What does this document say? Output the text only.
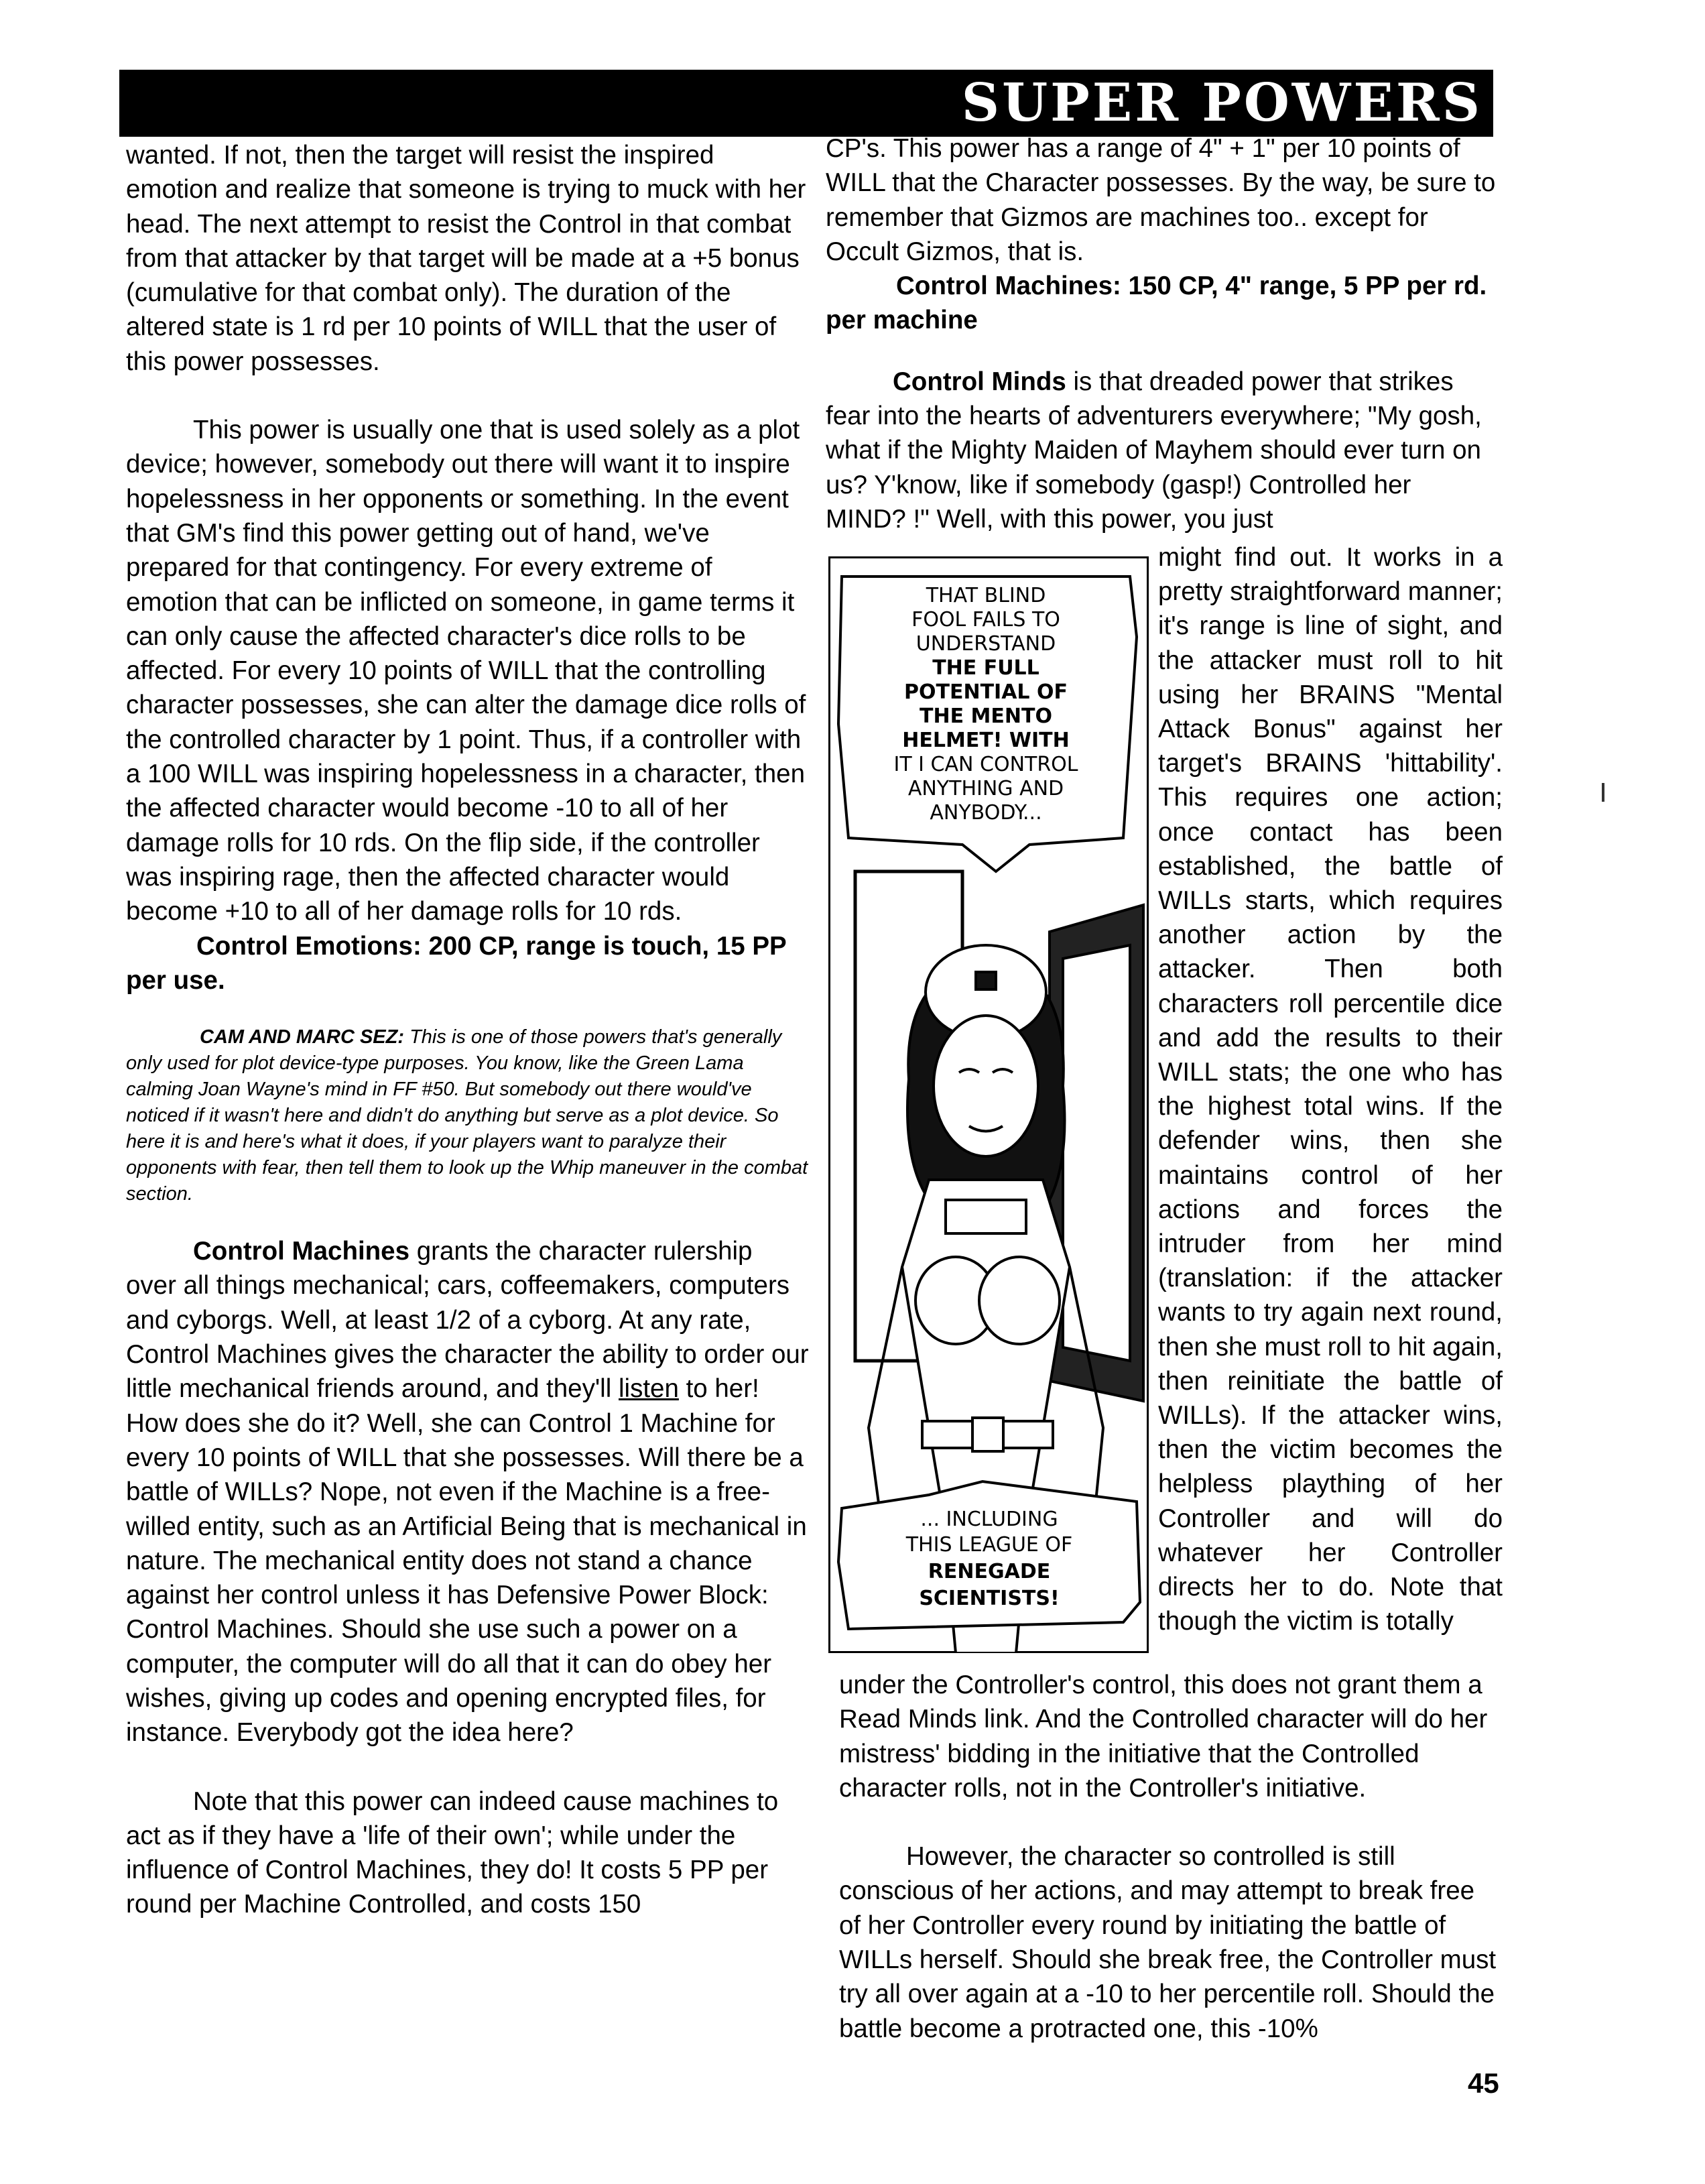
SUPER POWERS

wanted. If not, then the target will resist the inspired emotion and realize that someone is trying to muck with her head. The next attempt to resist the Control in that combat from that attacker by that target will be made at a +5 bonus (cumulative for that combat only). The duration of the altered state is 1 rd per 10 points of WILL that the user of this power possesses.

This power is usually one that is used solely as a plot device; however, somebody out there will want it to inspire hopelessness in her opponents or something. In the event that GM's find this power getting out of hand, we've prepared for that contingency. For every extreme of emotion that can be inflicted on someone, in game terms it can only cause the affected character's dice rolls to be affected. For every 10 points of WILL that the controlling character possesses, she can alter the damage dice rolls of the controlled character by 1 point. Thus, if a controller with a 100 WILL was inspiring hopelessness in a character, then the affected character would become -10 to all of her damage rolls for 10 rds. On the flip side, if the controller was inspiring rage, then the affected character would become +10 to all of her damage rolls for 10 rds.

Control Emotions: 200 CP, range is touch, 15 PP per use.

CAM AND MARC SEZ: This is one of those powers that's generally only used for plot device-type purposes. You know, like the Green Lama calming Joan Wayne's mind in FF #50. But somebody out there would've noticed if it wasn't here and didn't do anything but serve as a plot device. So here it is and here's what it does, if your players want to paralyze their opponents with fear, then tell them to look up the Whip maneuver in the combat section.

Control Machines grants the character rulership over all things mechanical; cars, coffeemakers, computers and cyborgs. Well, at least 1/2 of a cyborg. At any rate, Control Machines gives the character the ability to order our little mechanical friends around, and they'll listen to her! How does she do it? Well, she can Control 1 Machine for every 10 points of WILL that she possesses. Will there be a battle of WILLs? Nope, not even if the Machine is a free-willed entity, such as an Artificial Being that is mechanical in nature. The mechanical entity does not stand a chance against her control unless it has Defensive Power Block: Control Machines. Should she use such a power on a computer, the computer will do all that it can do obey her wishes, giving up codes and opening encrypted files, for instance. Everybody got the idea here?

Note that this power can indeed cause machines to act as if they have a 'life of their own'; while under the influence of Control Machines, they do! It costs 5 PP per round per Machine Controlled, and costs 150

CP's. This power has a range of 4" + 1" per 10 points of WILL that the Character possesses. By the way, be sure to remember that Gizmos are machines too.. except for Occult Gizmos, that is.

Control Machines: 150 CP, 4" range, 5 PP per rd. per machine

Control Minds is that dreaded power that strikes fear into the hearts of adventurers everywhere; "My gosh, what if the Mighty Maiden of Mayhem should ever turn on us? Y'know, like if somebody (gasp!) Controlled her MIND? !" Well, with this power, you just

might find out. It works in a pretty straightforward manner; it's range is line of sight, and the attacker must roll to hit using her BRAINS "Mental Attack Bonus" against her target's BRAINS 'hittability'. This requires one action; once contact has been established, the battle of WILLs starts, which requires another action by the attacker. Then both characters roll percentile dice and add the results to their WILL stats; the one who has the highest total wins. If the defender wins, then she maintains control of her actions and forces the intruder from her mind (translation: if the attacker wants to try again next round, then she must roll to hit again, then reinitiate the battle of WILLs). If the attacker wins, then the victim becomes the helpless plaything of her Controller and will do whatever her Controller directs her to do. Note that though the victim is totally

under the Controller's control, this does not grant them a Read Minds link. And the Controlled character will do her mistress' bidding in the initiative that the Controlled character rolls, not in the Controller's initiative.

However, the character so controlled is still conscious of her actions, and may attempt to break free of her Controller every round by initiating the battle of WILLs herself. Should she break free, the Controller must try all over again at a -10 to her percentile roll. Should the battle become a protracted one, this -10%

THAT BLIND
FOOL FAILS TO
UNDERSTAND
THE FULL
POTENTIAL OF
THE MENTO
HELMET! WITH
IT I CAN CONTROL
ANYTHING AND
ANYBODY...
... INCLUDING
THIS LEAGUE OF
RENEGADE
SCIENTISTS!
45
